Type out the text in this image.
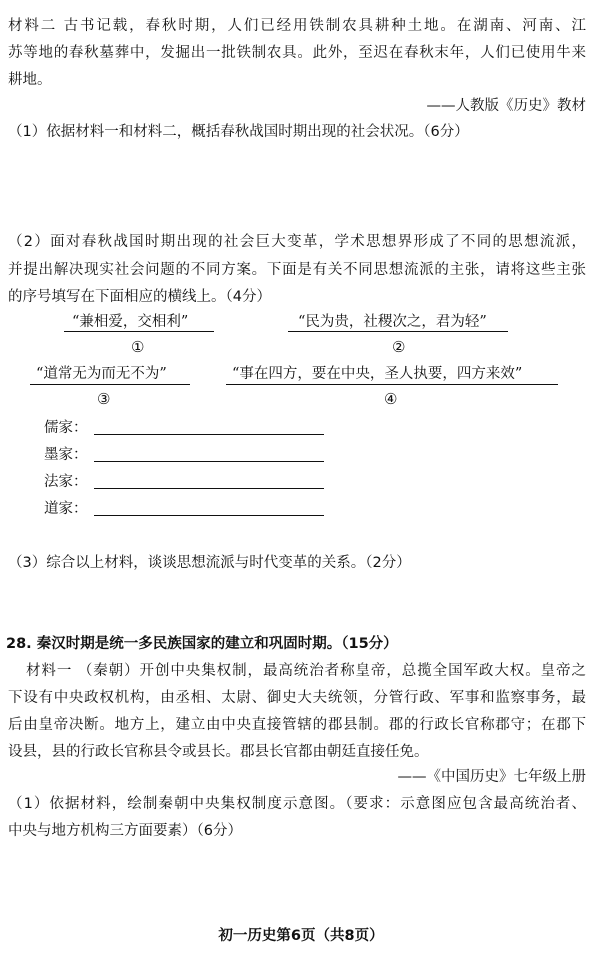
材料二 古书记载，春秋时期，人们已经用铁制农具耕种土地。在湖南、河南、江
苏等地的春秋墓葬中，发掘出一批铁制农具。此外，至迟在春秋末年，人们已使用牛来
耕地。
——人教版《历史》教材
（1）依据材料一和材料二，概括春秋战国时期出现的社会状况。（6分）
（2）面对春秋战国时期出现的社会巨大变革，学术思想界形成了不同的思想流派，
并提出解决现实社会问题的不同方案。下面是有关不同思想流派的主张，请将这些主张
的序号填写在下面相应的横线上。（4分）
“兼相爱，交相利”
①
“民为贵，社稷次之，君为轻”
②
“道常无为而无不为”
③
“事在四方，要在中央，圣人执要，四方来效”
④
儒家：
墨家：
法家：
道家：
（3）综合以上材料，谈谈思想流派与时代变革的关系。（2分）
28. 秦汉时期是统一多民族国家的建立和巩固时期。（15分）
材料一 （秦朝）开创中央集权制，最高统治者称皇帝，总揽全国军政大权。皇帝之
下设有中央政权机构，由丞相、太尉、御史大夫统领，分管行政、军事和监察事务，最
后由皇帝决断。地方上，建立由中央直接管辖的郡县制。郡的行政长官称郡守；在郡下
设县，县的行政长官称县令或县长。郡县长官都由朝廷直接任免。
——《中国历史》七年级上册
（1）依据材料，绘制秦朝中央集权制度示意图。（要求：示意图应包含最高统治者、
中央与地方机构三方面要素）（6分）
初一历史第6页（共8页）
